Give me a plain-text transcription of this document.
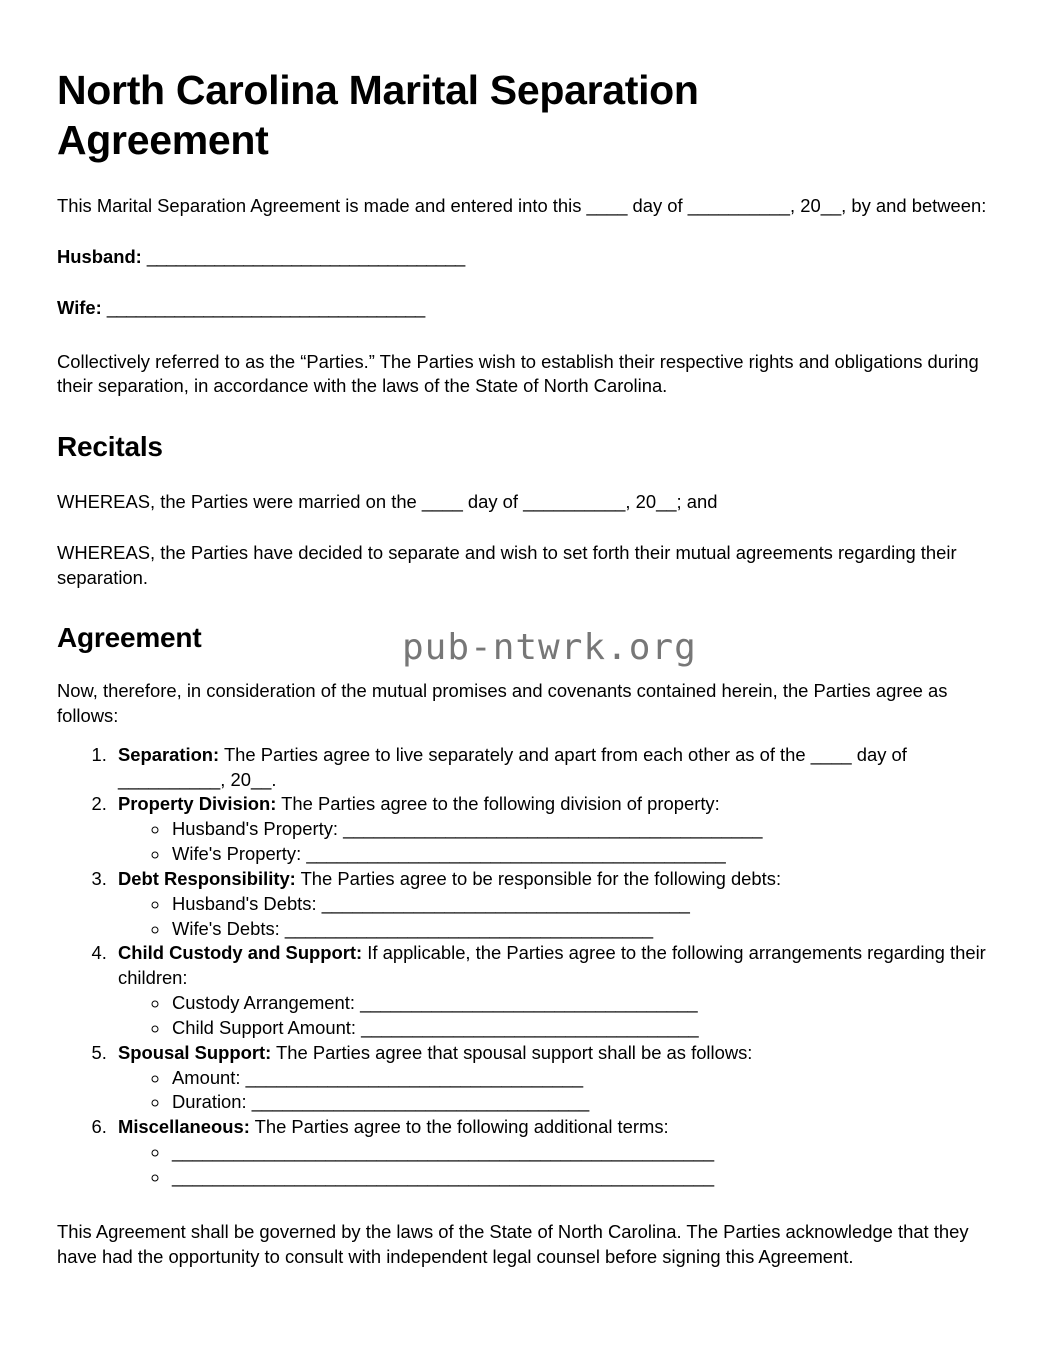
North Carolina Marital Separation Agreement

This Marital Separation Agreement is made and entered into this ____ day of __________, 20__, by and between:

Husband: _________________________________

Wife: _________________________________

Collectively referred to as the “Parties.” The Parties wish to establish their respective rights and obligations during their separation, in accordance with the laws of the State of North Carolina.

Recitals

WHEREAS, the Parties were married on the ____ day of __________, 20__; and

WHEREAS, the Parties have decided to separate and wish to set forth their mutual agreements regarding their separation.

Agreement	pub-ntwrk.org

Now, therefore, in consideration of the mutual promises and covenants contained herein, the Parties agree as follows:

1. Separation: The Parties agree to live separately and apart from each other as of the ____ day of __________, 20__.
2. Property Division: The Parties agree to the following division of property:
◦ Husband's Property: _________________________________________
◦ Wife's Property: _________________________________________
3. Debt Responsibility: The Parties agree to be responsible for the following debts:
◦ Husband's Debts: ____________________________________
◦ Wife's Debts: ____________________________________
4. Child Custody and Support: If applicable, the Parties agree to the following arrangements regarding their children:
◦ Custody Arrangement: _________________________________
◦ Child Support Amount: _________________________________
5. Spousal Support: The Parties agree that spousal support shall be as follows:
◦ Amount: _________________________________
◦ Duration: _________________________________
6. Miscellaneous: The Parties agree to the following additional terms:
◦ _____________________________________________________
◦ _____________________________________________________

This Agreement shall be governed by the laws of the State of North Carolina. The Parties acknowledge that they have had the opportunity to consult with independent legal counsel before signing this Agreement.
